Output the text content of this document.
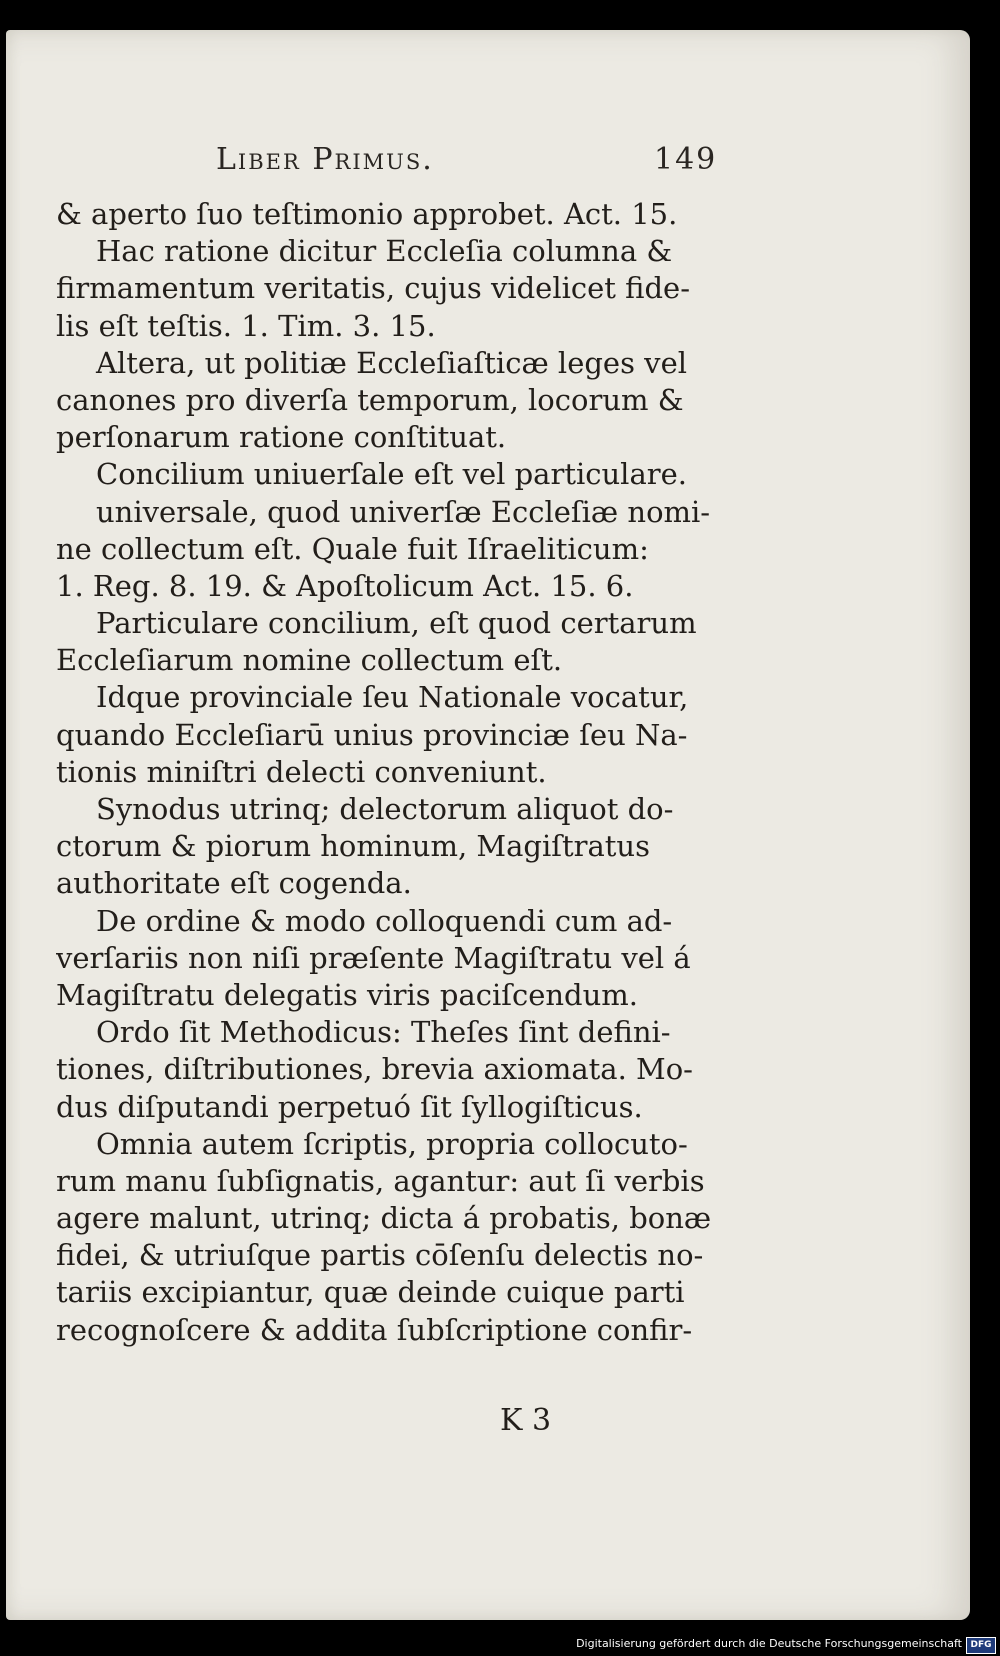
Liber Primus.	149
& aperto ſuo teſtimonio approbet. Act. 15.
Hac ratione dicitur Eccleſia columna &
firmamentum veritatis, cujus videlicet fide-
lis eſt teſtis. 1. Tim. 3. 15.
Altera, ut politiæ Eccleſiaſticæ leges vel
canones pro diverſa temporum, locorum &
perſonarum ratione conſtituat.
Concilium uniuerſale eſt vel particulare.
universale, quod univerſæ Eccleſiæ nomi-
ne collectum eſt. Quale fuit Iſraeliticum:
1. Reg. 8. 19. & Apoſtolicum Act. 15. 6.
Particulare concilium, eſt quod certarum
Eccleſiarum nomine collectum eſt.
Idque provinciale ſeu Nationale vocatur,
quando Eccleſiarū unius provinciæ ſeu Na-
tionis miniſtri delecti conveniunt.
Synodus utrinq; delectorum aliquot do-
ctorum & piorum hominum, Magiſtratus
authoritate eſt cogenda.
De ordine & modo colloquendi cum ad-
verſariis non niſi præſente Magiſtratu vel á
Magiſtratu delegatis viris paciſcendum.
Ordo ſit Methodicus: Theſes ſint defini-
tiones, diſtributiones, brevia axiomata. Mo-
dus diſputandi perpetuó ſit ſyllogiſticus.
Omnia autem ſcriptis, propria collocuto-
rum manu ſubſignatis, agantur: aut ſi verbis
agere malunt, utrinq; dicta á probatis, bonæ
fidei, & utriuſque partis cōſenſu delectis no-
tariis excipiantur, quæ deinde cuique parti
recognoſcere & addita ſubſcriptione confir-
K 3
Digitalisierung gefördert durch die Deutsche Forschungsgemeinschaft DFG
